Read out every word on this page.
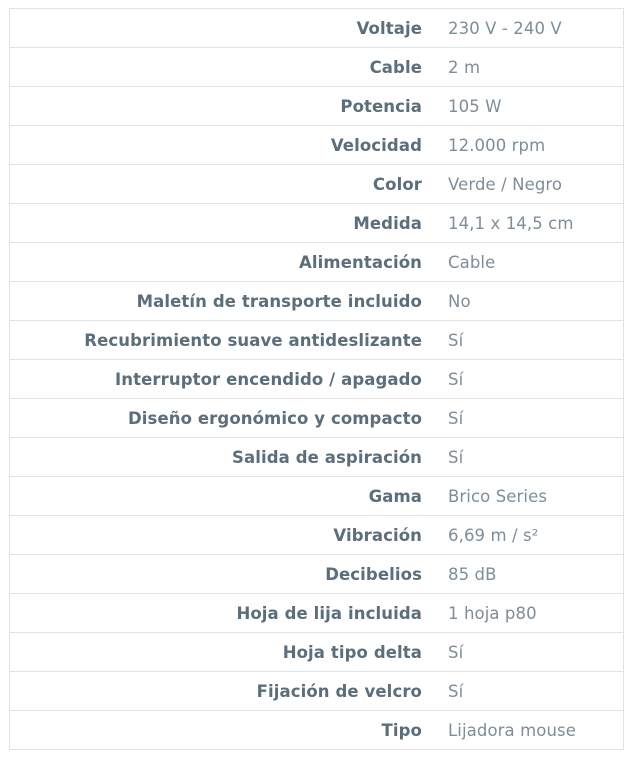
Voltaje	230 V - 240 V
Cable	2 m
Potencia	105 W
Velocidad	12.000 rpm
Color	Verde / Negro
Medida	14,1 x 14,5 cm
Alimentación	Cable
Maletín de transporte incluido	No
Recubrimiento suave antideslizante	Sí
Interruptor encendido / apagado	Sí
Diseño ergonómico y compacto	Sí
Salida de aspiración	Sí
Gama	Brico Series
Vibración	6,69 m / s²
Decibelios	85 dB
Hoja de lija incluida	1 hoja p80
Hoja tipo delta	Sí
Fijación de velcro	Sí
Tipo	Lijadora mouse
